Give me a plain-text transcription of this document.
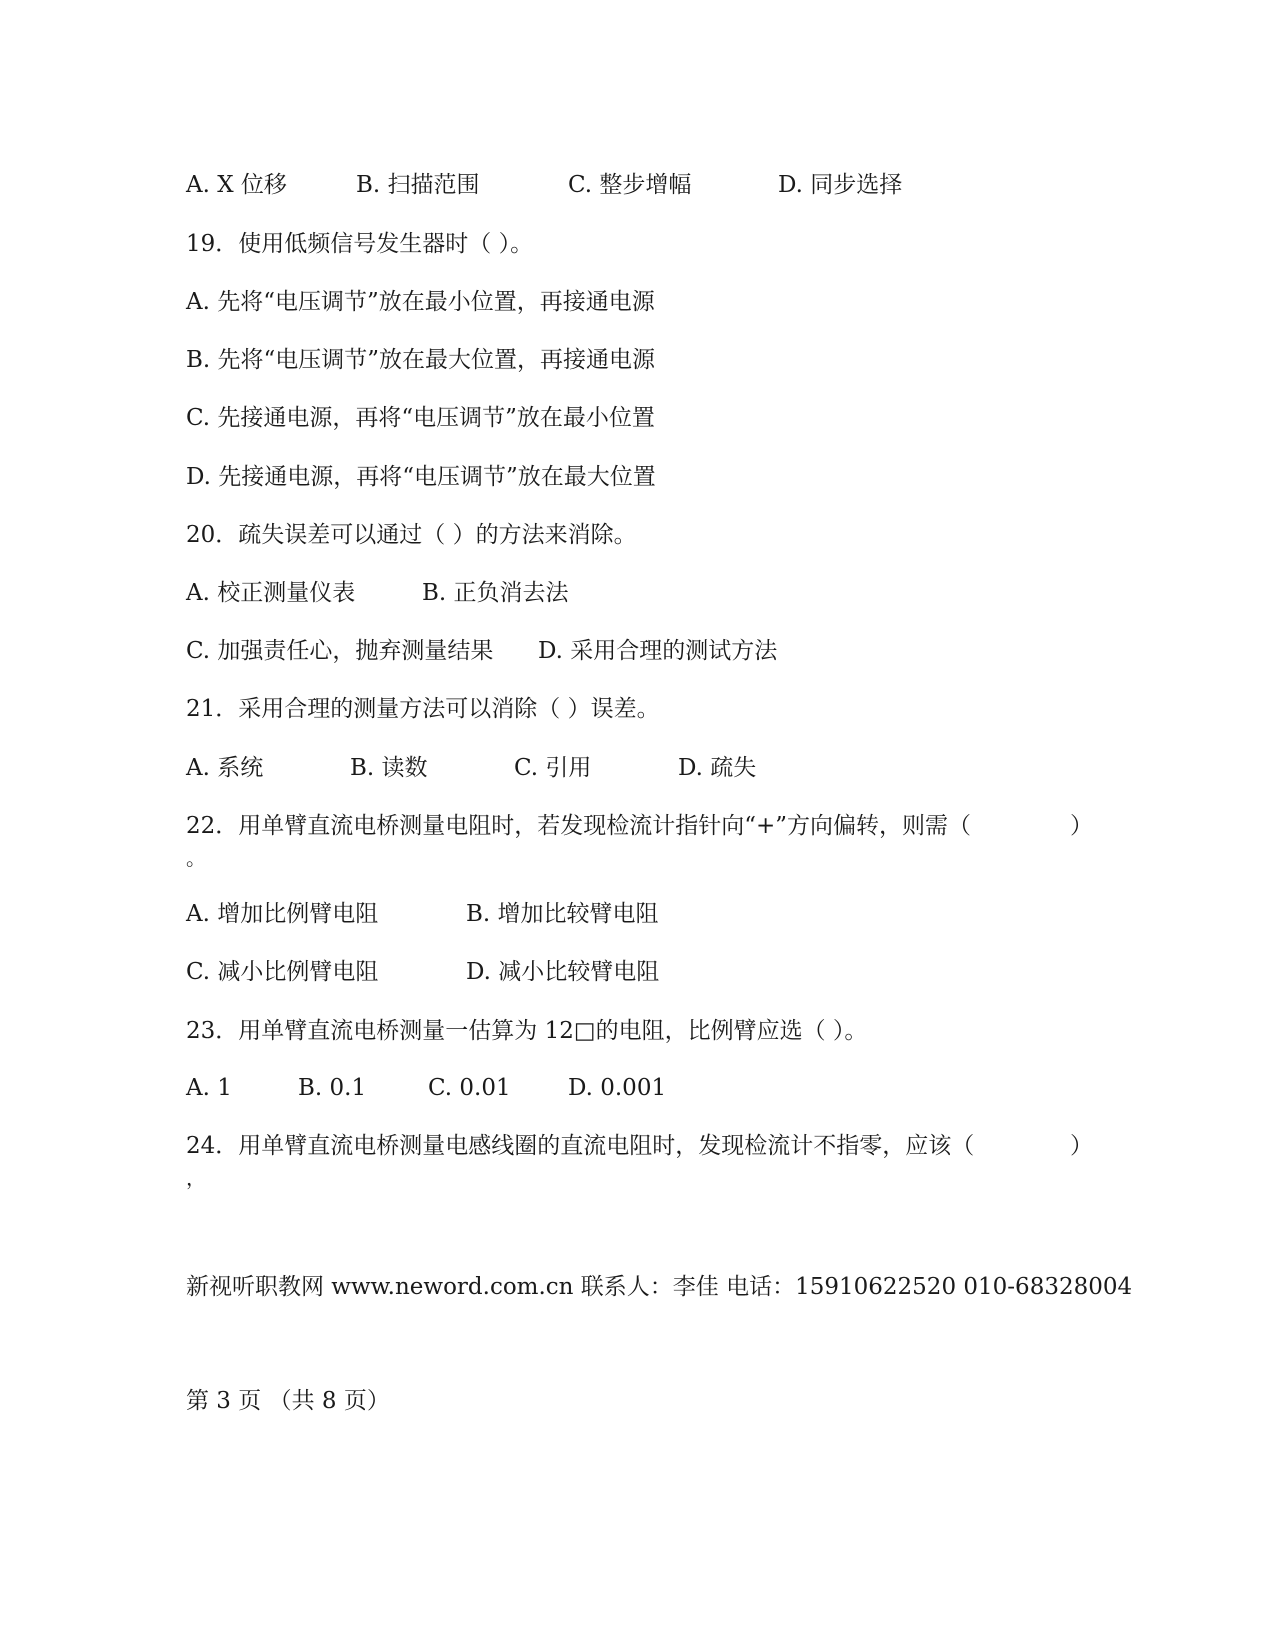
A. X 位移	B. 扫描范围	C. 整步增幅	D. 同步选择
19．使用低频信号发生器时（ ）。
A. 先将“电压调节”放在最小位置，再接通电源
B. 先将“电压调节”放在最大位置，再接通电源
C. 先接通电源，再将“电压调节”放在最小位置
D. 先接通电源，再将“电压调节”放在最大位置
20．疏失误差可以通过（ ）的方法来消除。
A. 校正测量仪表	B. 正负消去法
C. 加强责任心，抛弃测量结果 D. 采用合理的测试方法
21．采用合理的测量方法可以消除（ ）误差。
A. 系统	B. 读数	C. 引用	D. 疏失
22．用单臂直流电桥测量电阻时，若发现检流计指针向“+”方向偏转，则需（	）
。
A. 增加比例臂电阻	B. 增加比较臂电阻
C. 减小比例臂电阻	D. 减小比较臂电阻
23．用单臂直流电桥测量一估算为 12□的电阻，比例臂应选（ ）。
A. 1	B. 0.1	C. 0.01 D. 0.001
24．用单臂直流电桥测量电感线圈的直流电阻时，发现检流计不指零，应该（	）
，
新视听职教网 www.neword.com.cn 联系人：李佳 电话：15910622520 010-68328004
第 3 页 （共 8 页）
